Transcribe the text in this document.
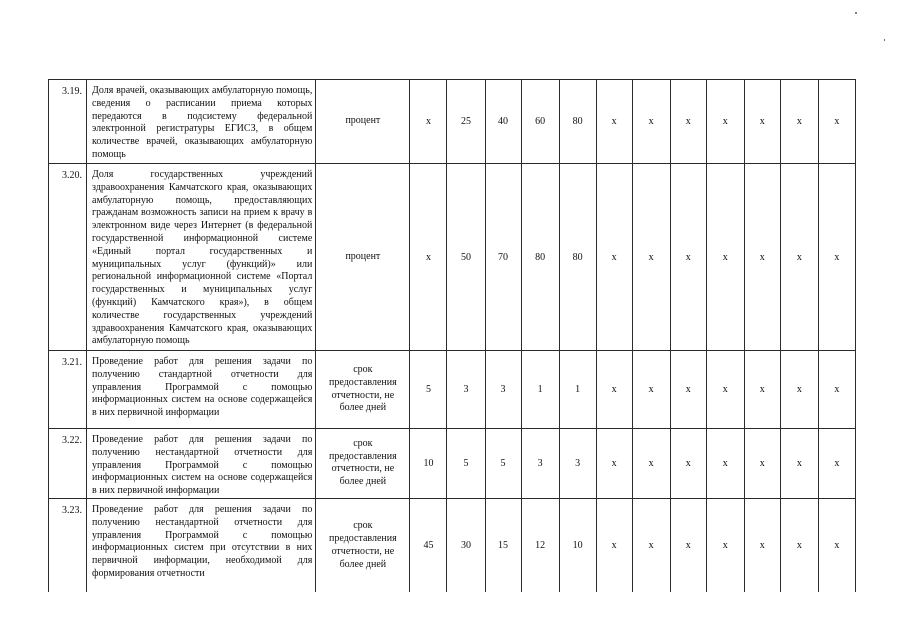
3.19.	Доля врачей, оказывающих амбулаторную помощь, сведения о расписании приема которых передаются в подсистему федеральной электронной регистратуры ЕГИСЗ, в общем количестве врачей, оказывающих амбулаторную помощь	процент	х	25	40	60	80	х	х	х	х	х	х	х
3.20.	Доля государственных учреждений здравоохранения Камчатского края, оказывающих амбулаторную помощь, предоставляющих гражданам возможность записи на прием к врачу в электронном виде через Интернет (в федеральной государственной информационной системе «Единый портал государственных и муниципальных услуг (функций)» или региональной информационной системе «Портал государственных и муниципальных услуг (функций) Камчатского края»), в общем количестве государственных учреждений здравоохранения Камчатского края, оказывающих амбулаторную помощь	процент	х	50	70	80	80	х	х	х	х	х	х	х
3.21.	Проведение работ для решения задачи по получению стандартной отчетности для управления Программой с помощью информационных систем на основе содержащейся в них первичной информации	срок предоставления отчетности, не более дней	5	3	3	1	1	х	х	х	х	х	х	х
3.22.	Проведение работ для решения задачи по получению нестандартной отчетности для управления Программой с помощью информационных систем на основе содержащейся в них первичной информации	срок предоставления отчетности, не более дней	10	5	5	3	3	х	х	х	х	х	х	х
3.23.	Проведение работ для решения задачи по получению нестандартной отчетности для управления Программой с помощью информационных систем при отсутствии в них первичной информации, необходимой для формирования отчетности	срок предоставления отчетности, не более дней	45	30	15	12	10	х	х	х	х	х	х	х
